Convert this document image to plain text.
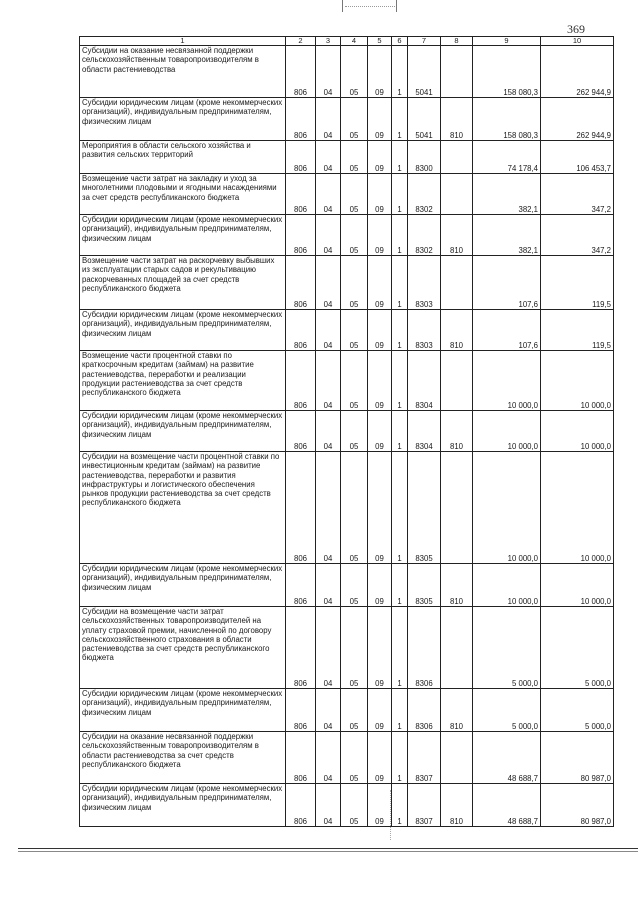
369
1	2	3	4	5	6	7	8	9	10
Субсидии на оказание несвязанной поддержки сельскохозяйственным товаропроизводителям в области растениеводства	806	04	05	09	1	5041		158 080,3	262 944,9
Субсидии юридическим лицам (кроме некоммерческих организаций), индивидуальным предпринимателям, физическим лицам	806	04	05	09	1	5041	810	158 080,3	262 944,9
Мероприятия в области сельского хозяйства и развития сельских территорий	806	04	05	09	1	8300		74 178,4	106 453,7
Возмещение части затрат на закладку и уход за многолетними плодовыми и ягодными насаждениями за счет средств республиканского бюджета	806	04	05	09	1	8302		382,1	347,2
Субсидии юридическим лицам (кроме некоммерческих организаций), индивидуальным предпринимателям, физическим лицам	806	04	05	09	1	8302	810	382,1	347,2
Возмещение части затрат на раскорчевку выбывших из эксплуатации старых садов и рекультивацию раскорчеванных площадей за счет средств республиканского бюджета	806	04	05	09	1	8303		107,6	119,5
Субсидии юридическим лицам (кроме некоммерческих организаций), индивидуальным предпринимателям, физическим лицам	806	04	05	09	1	8303	810	107,6	119,5
Возмещение части процентной ставки по краткосрочным кредитам (займам) на развитие растениеводства, переработки и реализации продукции растениеводства за счет средств республиканского бюджета	806	04	05	09	1	8304		10 000,0	10 000,0
Субсидии юридическим лицам (кроме некоммерческих организаций), индивидуальным предпринимателям, физическим лицам	806	04	05	09	1	8304	810	10 000,0	10 000,0
Субсидии на возмещение части процентной ставки по инвестиционным кредитам (займам) на развитие растениеводства, переработки и развития инфраструктуры и логистического обеспечения рынков продукции растениеводства за счет средств республиканского бюджета	806	04	05	09	1	8305		10 000,0	10 000,0
Субсидии юридическим лицам (кроме некоммерческих организаций), индивидуальным предпринимателям, физическим лицам	806	04	05	09	1	8305	810	10 000,0	10 000,0
Субсидии на возмещение части затрат сельскохозяйственных товаропроизводителей на уплату страховой премии, начисленной по договору сельскохозяйственного страхования в области растениеводства за счет средств республиканского бюджета	806	04	05	09	1	8306		5 000,0	5 000,0
Субсидии юридическим лицам (кроме некоммерческих организаций), индивидуальным предпринимателям, физическим лицам	806	04	05	09	1	8306	810	5 000,0	5 000,0
Субсидии на оказание несвязанной поддержки сельскохозяйственным товаропроизводителям в области растениеводства за счет средств республиканского бюджета	806	04	05	09	1	8307		48 688,7	80 987,0
Субсидии юридическим лицам (кроме некоммерческих организаций), индивидуальным предпринимателям, физическим лицам	806	04	05	09	1	8307	810	48 688,7	80 987,0
